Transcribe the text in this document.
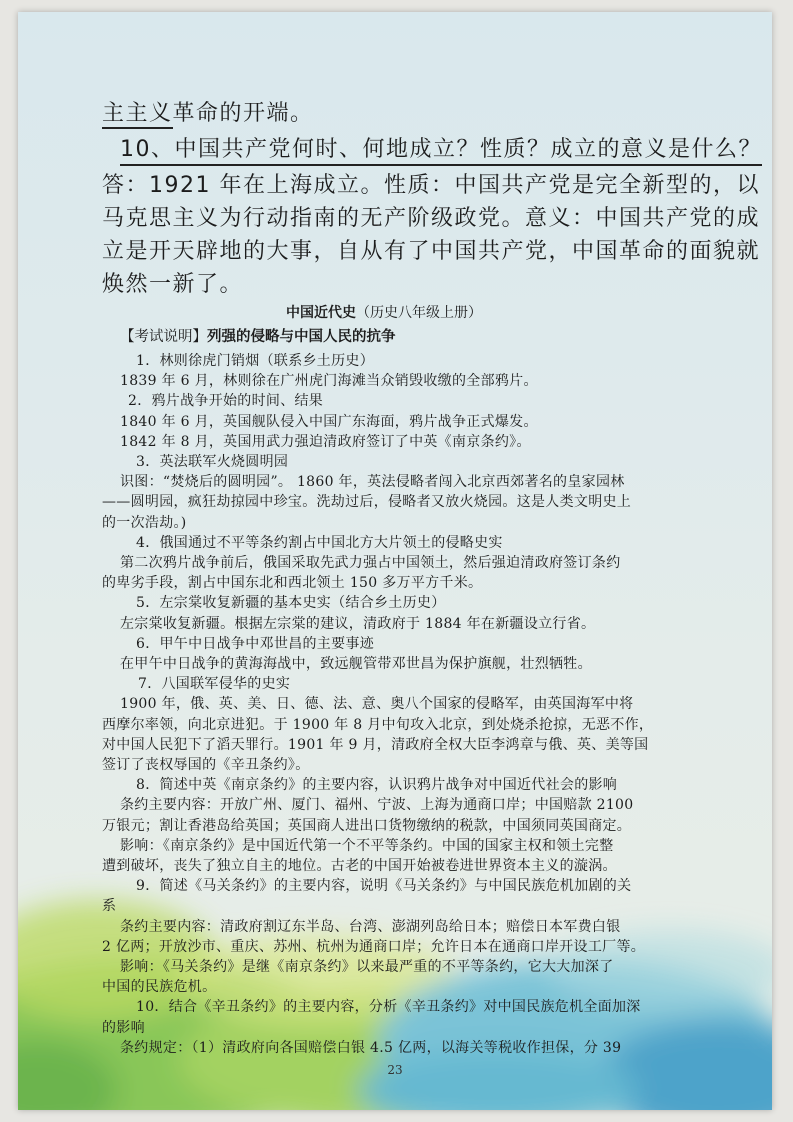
主主义革命的开端。
10、中国共产党何时、何地成立？性质？成立的意义是什么？
答：1921 年在上海成立。性质：中国共产党是完全新型的，以
马克思主义为行动指南的无产阶级政党。意义：中国共产党的成
立是开天辟地的大事，自从有了中国共产党，中国革命的面貌就
焕然一新了。
中国近代史（历史八年级上册）
【考试说明】列强的侵略与中国人民的抗争
1．林则徐虎门销烟（联系乡土历史）
1839 年 6 月，林则徐在广州虎门海滩当众销毁收缴的全部鸦片。
2．鸦片战争开始的时间、结果
1840 年 6 月，英国舰队侵入中国广东海面，鸦片战争正式爆发。
1842 年 8 月，英国用武力强迫清政府签订了中英《南京条约》。
3．英法联军火烧圆明园
识图：“焚烧后的圆明园”。 1860 年，英法侵略者闯入北京西郊著名的皇家园林
——圆明园，疯狂劫掠园中珍宝。洗劫过后，侵略者又放火烧园。这是人类文明史上
的一次浩劫。)
4．俄国通过不平等条约割占中国北方大片领土的侵略史实
第二次鸦片战争前后，俄国采取先武力强占中国领土，然后强迫清政府签订条约
的卑劣手段，割占中国东北和西北领土 150 多万平方千米。
5．左宗棠收复新疆的基本史实（结合乡土历史）
左宗棠收复新疆。根据左宗棠的建议，清政府于 1884 年在新疆设立行省。
6．甲午中日战争中邓世昌的主要事迹
在甲午中日战争的黄海海战中，致远舰管带邓世昌为保护旗舰，壮烈牺牲。
7．八国联军侵华的史实
1900 年，俄、英、美、日、德、法、意、奥八个国家的侵略军，由英国海军中将
西摩尔率领，向北京进犯。于 1900 年 8 月中旬攻入北京，到处烧杀抢掠，无恶不作，
对中国人民犯下了滔天罪行。1901 年 9 月，清政府全权大臣李鸿章与俄、英、美等国
签订了丧权辱国的《辛丑条约》。
8．简述中英《南京条约》的主要内容，认识鸦片战争对中国近代社会的影响
条约主要内容：开放广州、厦门、福州、宁波、上海为通商口岸；中国赔款 2100
万银元；割让香港岛给英国；英国商人进出口货物缴纳的税款，中国须同英国商定。
影响：《南京条约》是中国近代第一个不平等条约。中国的国家主权和领土完整
遭到破坏，丧失了独立自主的地位。古老的中国开始被卷进世界资本主义的漩涡。
9．简述《马关条约》的主要内容，说明《马关条约》与中国民族危机加剧的关
系
条约主要内容：清政府割辽东半岛、台湾、澎湖列岛给日本；赔偿日本军费白银
2 亿两；开放沙市、重庆、苏州、杭州为通商口岸；允许日本在通商口岸开设工厂等。
影响：《马关条约》是继《南京条约》以来最严重的不平等条约，它大大加深了
中国的民族危机。
10．结合《辛丑条约》的主要内容，分析《辛丑条约》对中国民族危机全面加深
的影响
条约规定：（1）清政府向各国赔偿白银 4.5 亿两，以海关等税收作担保，分 39
23
